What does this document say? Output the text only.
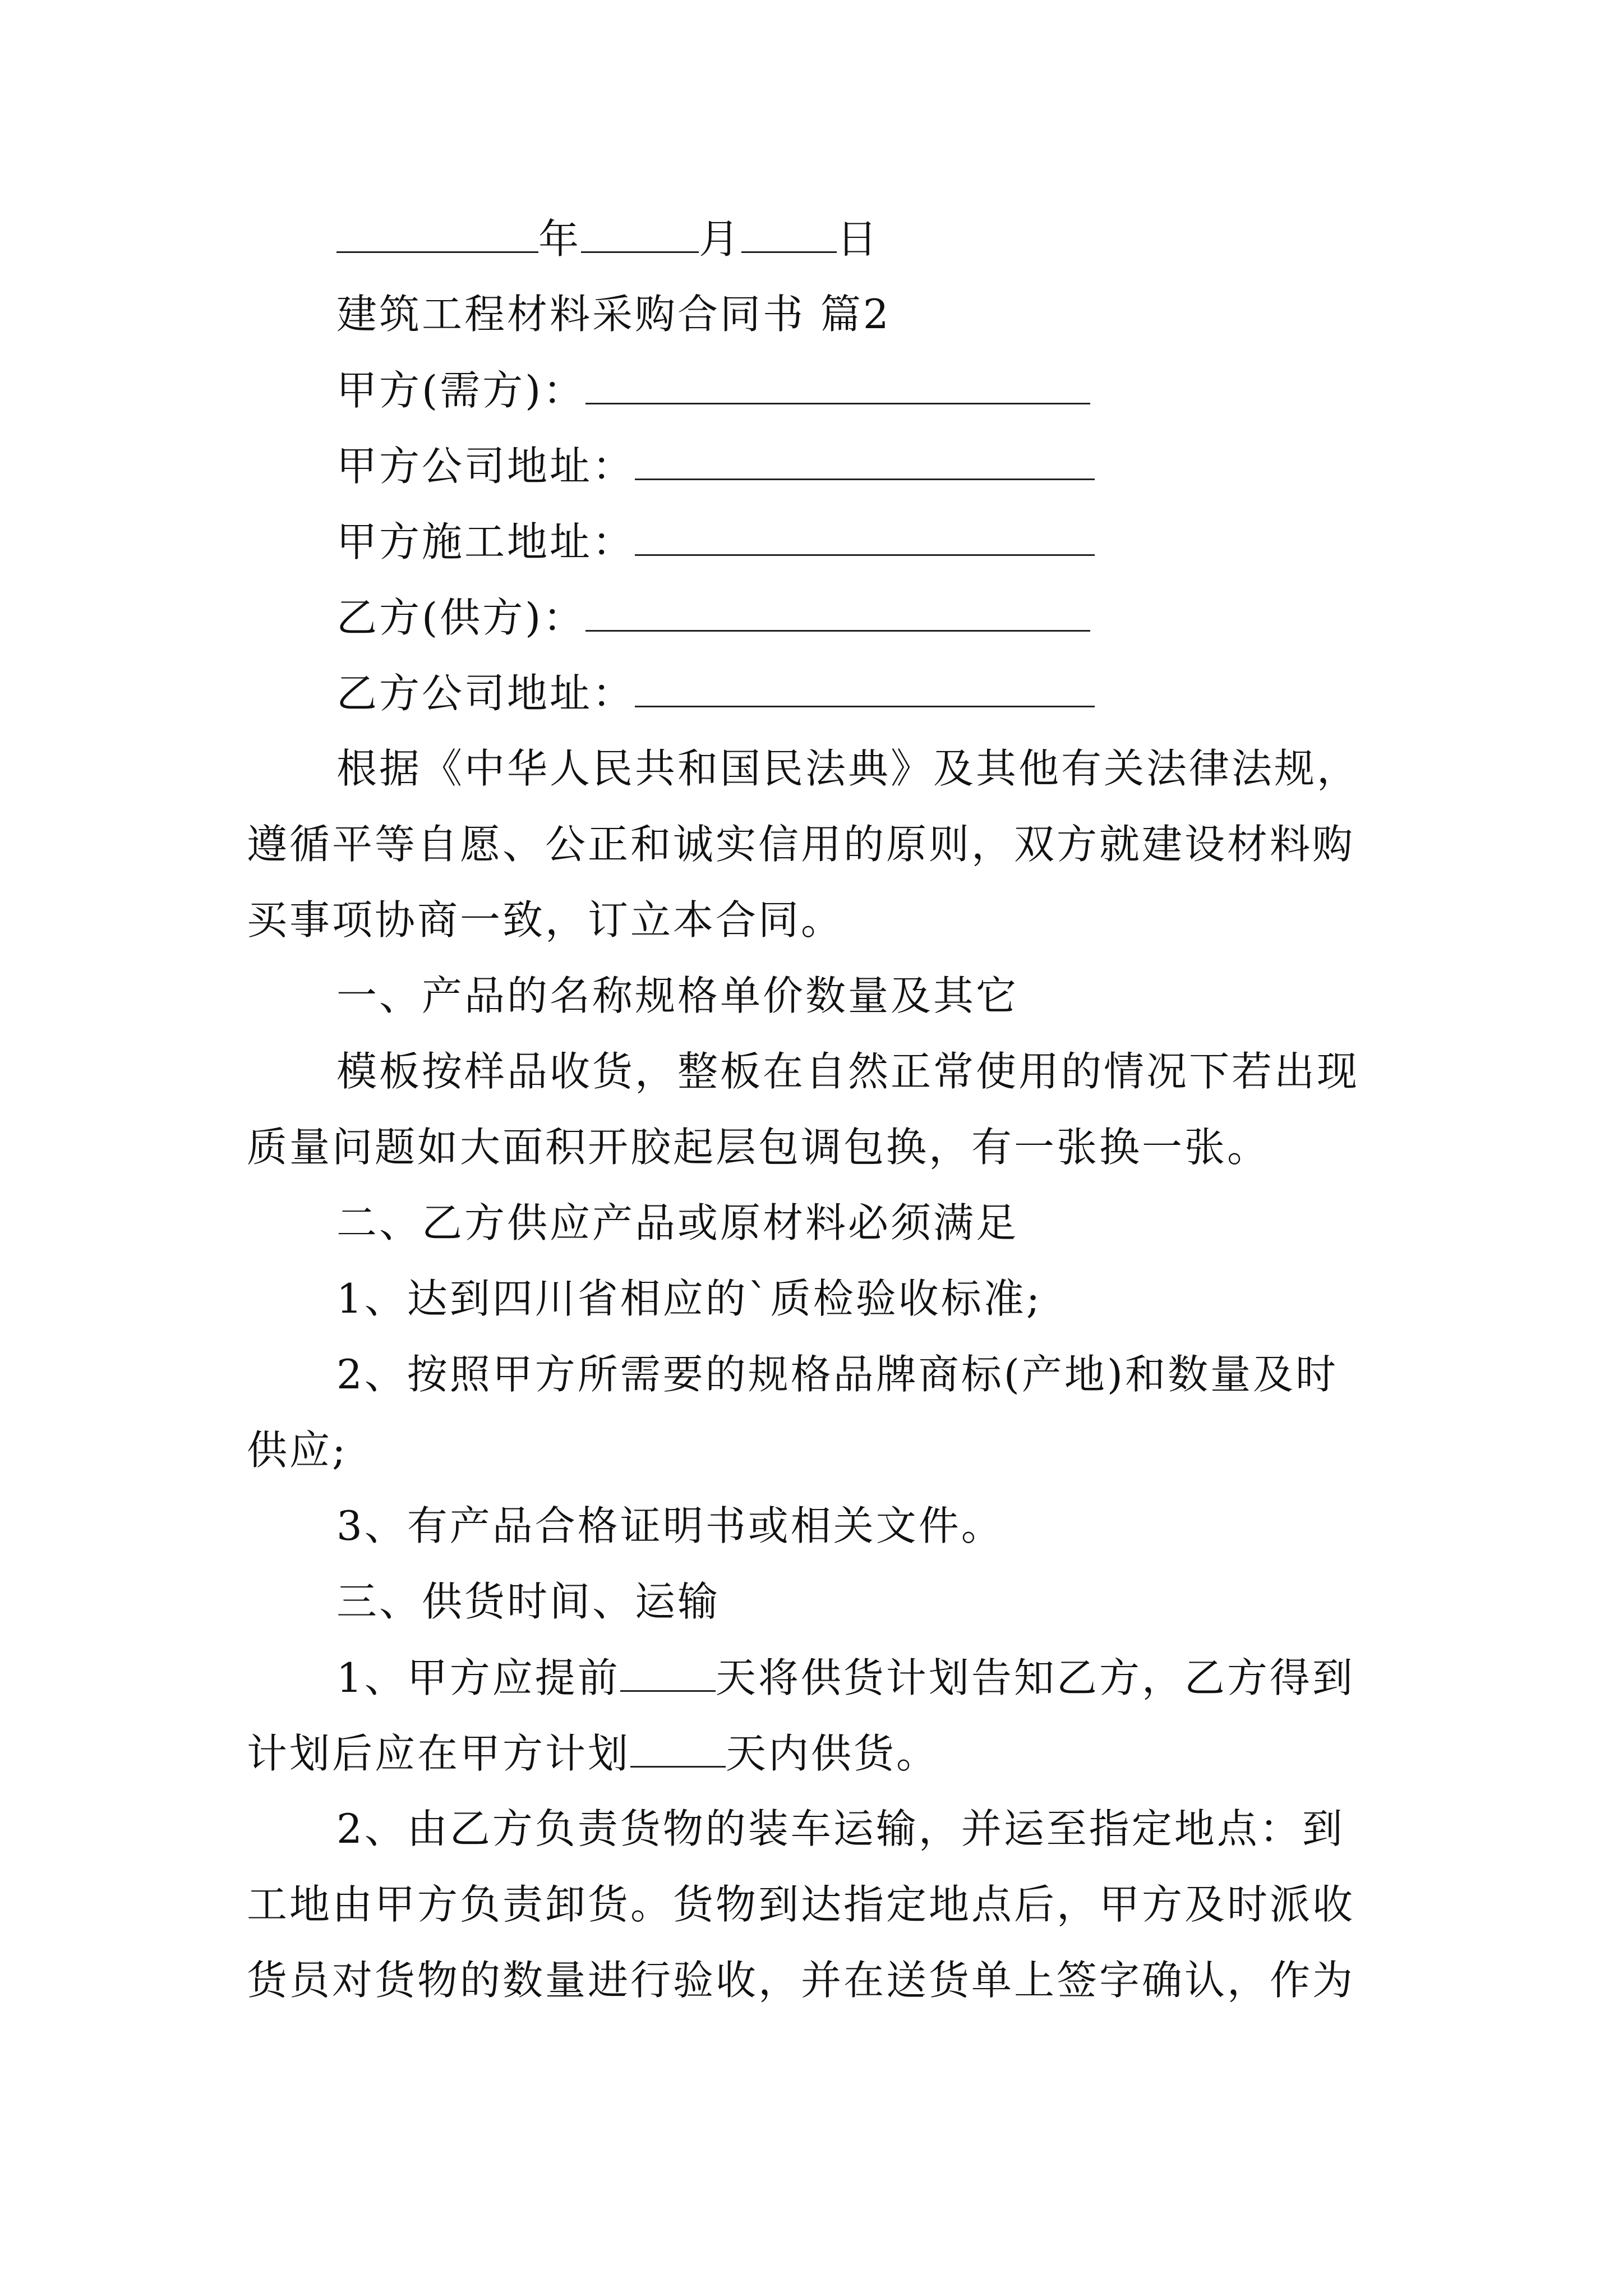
年	月 日
建筑工程材料采购合同书 篇2
甲方(需方)：
甲方公司地址：
甲方施工地址：
乙方(供方)：
乙方公司地址：
根据《中华人民共和国民法典》及其他有关法律法规，
遵循平等自愿、公正和诚实信用的原则，双方就建设材料购
买事项协商一致，订立本合同。
一、产品的名称规格单价数量及其它
模板按样品收货，整板在自然正常使用的情况下若出现
质量问题如大面积开胶起层包调包换，有一张换一张。
二、乙方供应产品或原材料必须满足
1、达到四川省相应的`质检验收标准;
2、按照甲方所需要的规格品牌商标(产地)和数量及时
供应;
3、有产品合格证明书或相关文件。
三、供货时间、运输
1、甲方应提前 天将供货计划告知乙方，乙方得到
计划后应在甲方计划 天内供货。
2、由乙方负责货物的装车运输，并运至指定地点：到
工地由甲方负责卸货。货物到达指定地点后，甲方及时派收
货员对货物的数量进行验收，并在送货单上签字确认，作为
